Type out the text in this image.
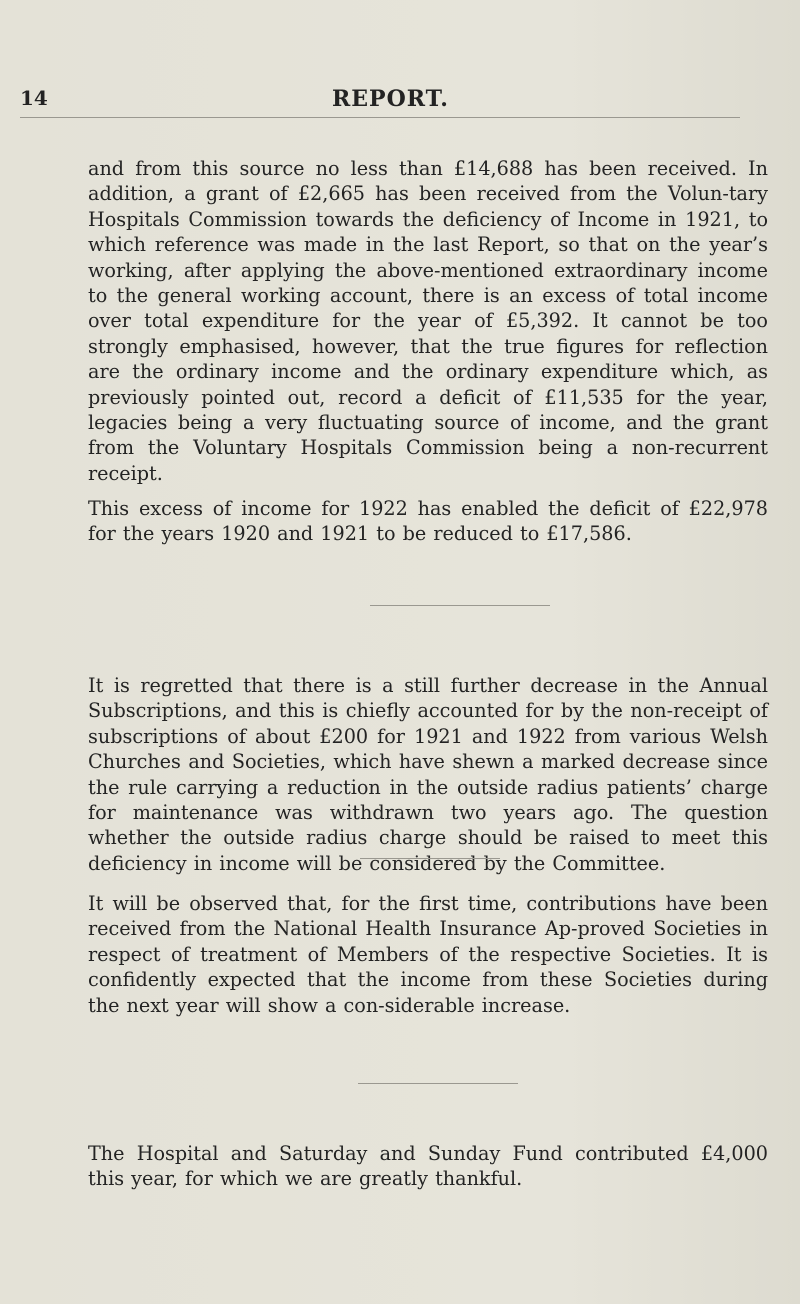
14	REPORT.

and from this source no less than £14,688 has been received. In addition, a grant of £2,665 has been received from the Volun-tary Hospitals Commission towards the deficiency of Income in 1921, to which reference was made in the last Report, so that on the year’s working, after applying the above-mentioned extraordinary income to the general working account, there is an excess of total income over total expenditure for the year of £5,392. It cannot be too strongly emphasised, however, that the true figures for reflection are the ordinary income and the ordinary expenditure which, as previously pointed out, record a deficit of £11,535 for the year, legacies being a very fluctuating source of income, and the grant from the Voluntary Hospitals Commission being a non-recurrent receipt.

This excess of income for 1922 has enabled the deficit of £22,978 for the years 1920 and 1921 to be reduced to £17,586.

It is regretted that there is a still further decrease in the Annual Subscriptions, and this is chiefly accounted for by the non-receipt of subscriptions of about £200 for 1921 and 1922 from various Welsh Churches and Societies, which have shewn a marked decrease since the rule carrying a reduction in the outside radius patients’ charge for maintenance was withdrawn two years ago. The question whether the outside radius charge should be raised to meet this deficiency in income will be considered by the Committee.

It will be observed that, for the first time, contributions have been received from the National Health Insurance Ap-proved Societies in respect of treatment of Members of the respective Societies. It is confidently expected that the income from these Societies during the next year will show a con-siderable increase.

The Hospital and Saturday and Sunday Fund contributed £4,000 this year, for which we are greatly thankful.
